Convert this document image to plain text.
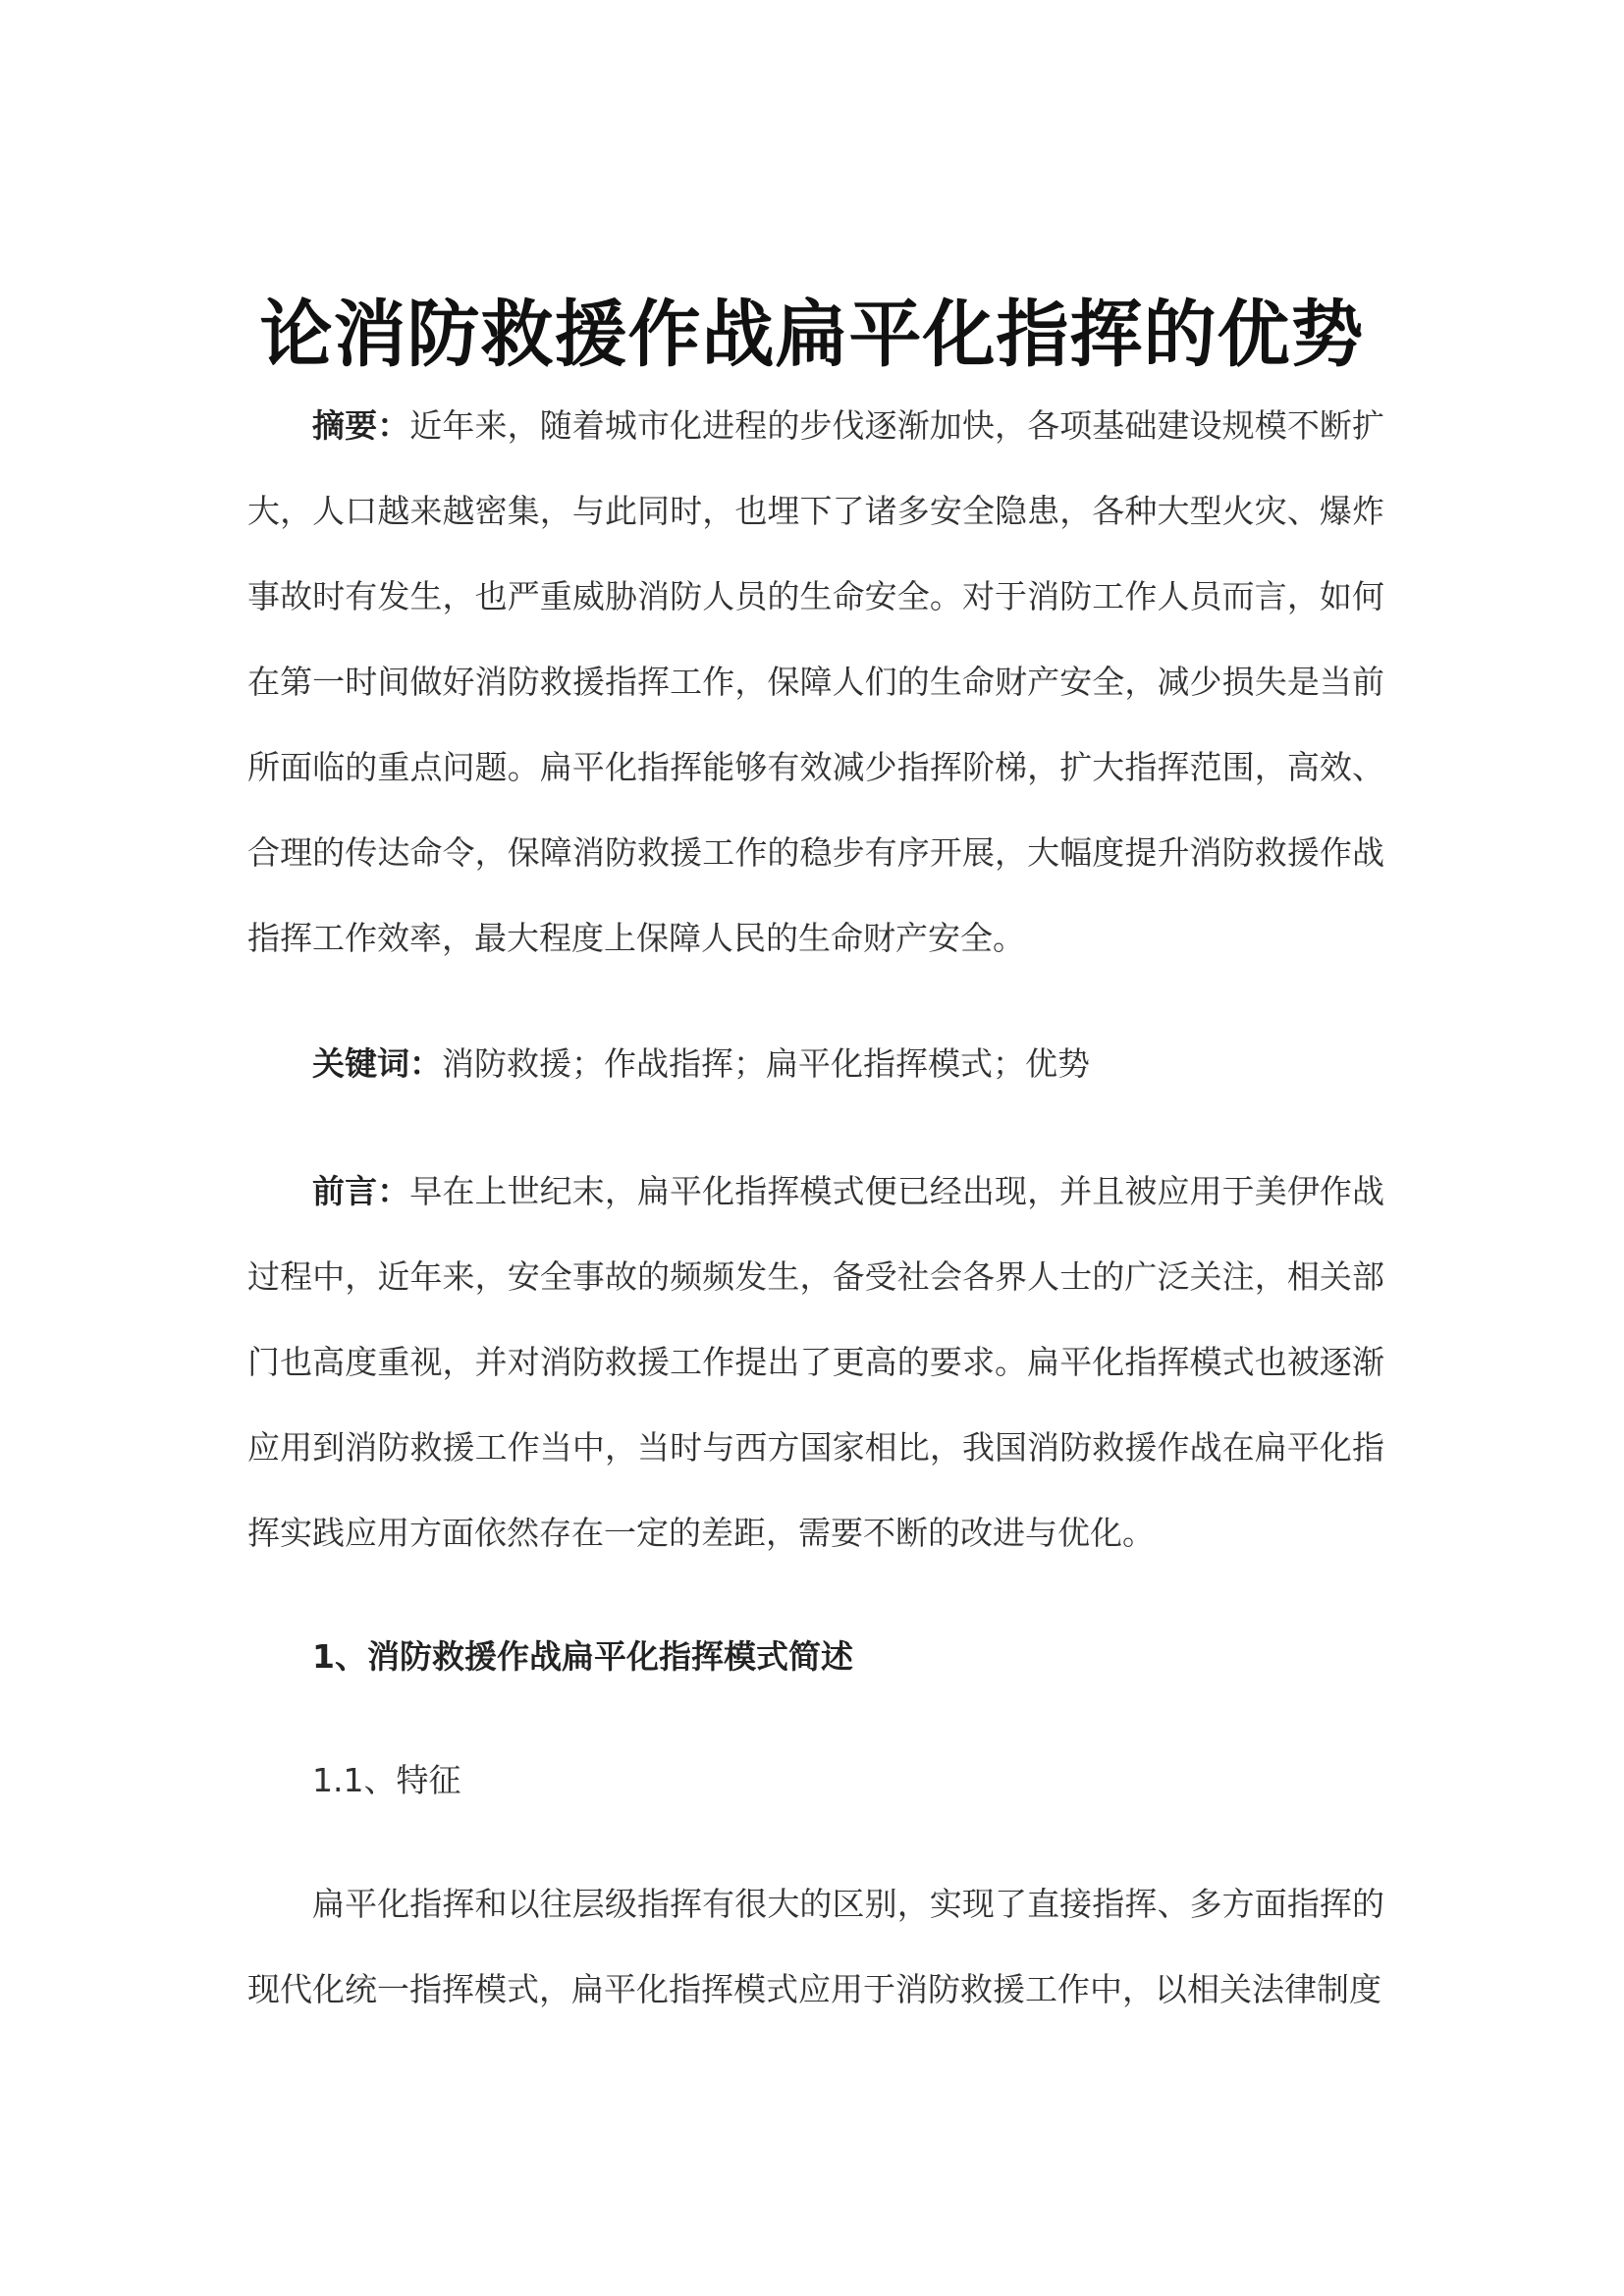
论消防救援作战扁平化指挥的优势

摘要：近年来，随着城市化进程的步伐逐渐加快，各项基础建设规模不断扩大，人口越来越密集，与此同时，也埋下了诸多安全隐患，各种大型火灾、爆炸事故时有发生，也严重威胁消防人员的生命安全。对于消防工作人员而言，如何在第一时间做好消防救援指挥工作，保障人们的生命财产安全，减少损失是当前所面临的重点问题。扁平化指挥能够有效减少指挥阶梯，扩大指挥范围，高效、合理的传达命令，保障消防救援工作的稳步有序开展，大幅度提升消防救援作战指挥工作效率，最大程度上保障人民的生命财产安全。

关键词：消防救援；作战指挥；扁平化指挥模式；优势

前言：早在上世纪末，扁平化指挥模式便已经出现，并且被应用于美伊作战过程中，近年来，安全事故的频频发生，备受社会各界人士的广泛关注，相关部门也高度重视，并对消防救援工作提出了更高的要求。扁平化指挥模式也被逐渐应用到消防救援工作当中，当时与西方国家相比，我国消防救援作战在扁平化指挥实践应用方面依然存在一定的差距，需要不断的改进与优化。

1、消防救援作战扁平化指挥模式简述

1.1、特征

扁平化指挥和以往层级指挥有很大的区别，实现了直接指挥、多方面指挥的现代化统一指挥模式，扁平化指挥模式应用于消防救援工作中，以相关法律制度
